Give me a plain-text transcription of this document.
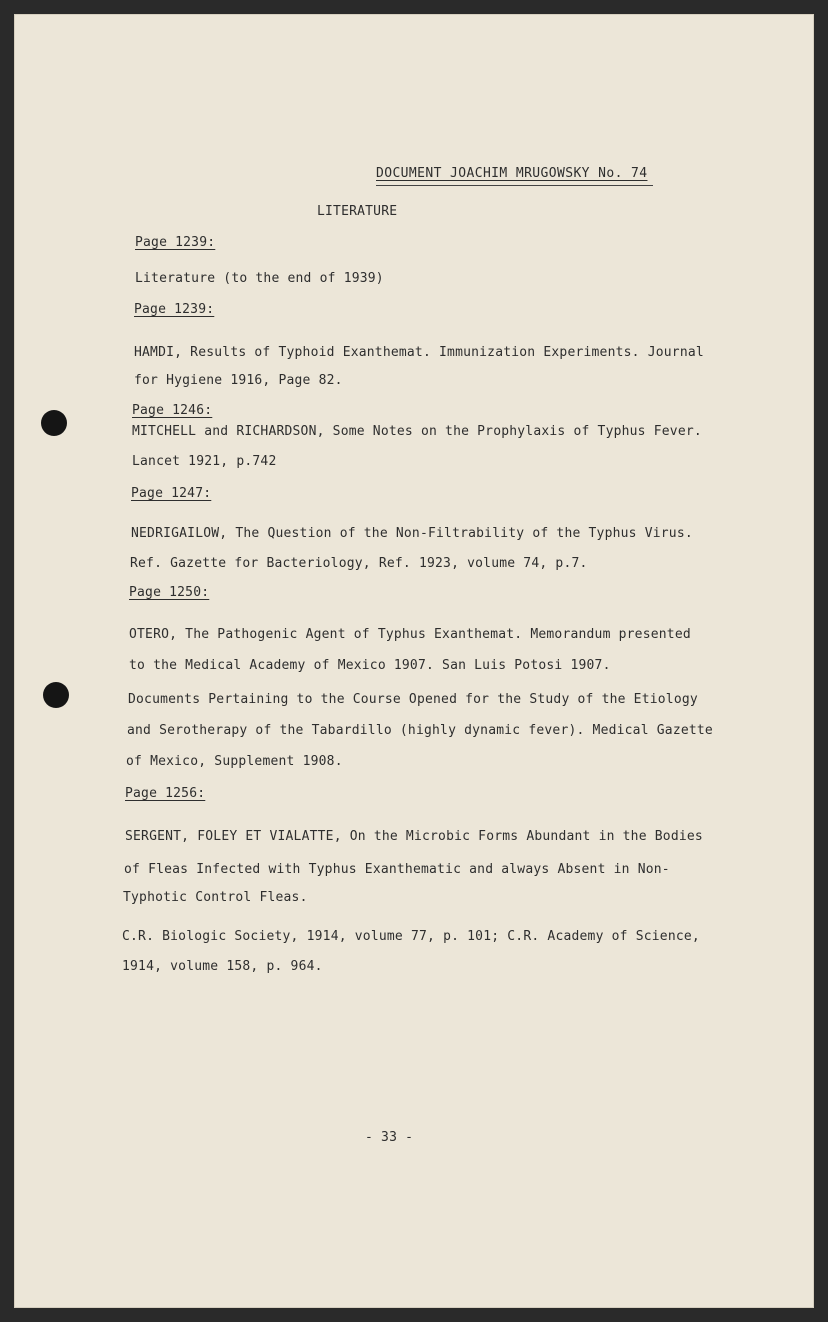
DOCUMENT JOACHIM MRUGOWSKY No. 74
LITERATURE
Page 1239:
Literature (to the end of 1939)
Page 1239:
HAMDI, Results of Typhoid Exanthemat. Immunization Experiments. Journal
for Hygiene 1916, Page 82.
Page 1246:
MITCHELL and RICHARDSON, Some Notes on the Prophylaxis of Typhus Fever.
Lancet 1921, p.742
Page 1247:
NEDRIGAILOW, The Question of the Non-Filtrability of the Typhus Virus.
Ref. Gazette for Bacteriology, Ref. 1923, volume 74, p.7.
Page 1250:
OTERO, The Pathogenic Agent of Typhus Exanthemat. Memorandum presented
to the Medical Academy of Mexico 1907. San Luis Potosi 1907.
Documents Pertaining to the Course Opened for the Study of the Etiology
and Serotherapy of the Tabardillo (highly dynamic fever). Medical Gazette
of Mexico, Supplement 1908.
Page 1256:
SERGENT, FOLEY ET VIALATTE, On the Microbic Forms Abundant in the Bodies
of Fleas Infected with Typhus Exanthematic and always Absent in Non-
Typhotic Control Fleas.
C.R. Biologic Society, 1914, volume 77, p. 101; C.R. Academy of Science,
1914, volume 158, p. 964.
- 33 -
